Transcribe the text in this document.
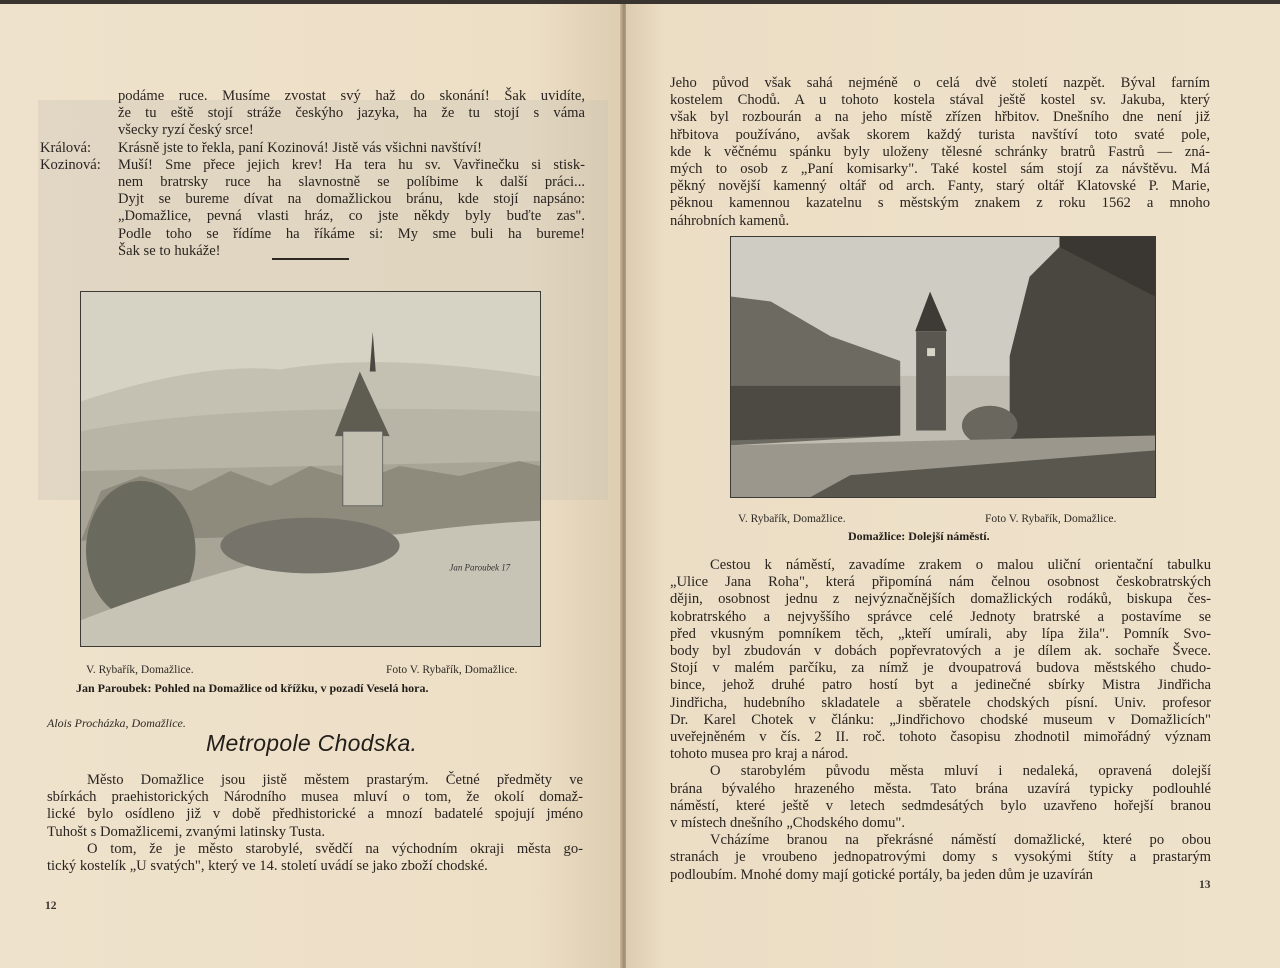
podáme ruce. Musíme zvostat svý haž do skonání! Šak uvidíte,

že tu eště stojí stráže českýho jazyka, ha že tu stojí s váma

všecky ryzí český srce!

Králová:	Krásně jste to řekla, paní Kozinová! Jistě vás všichni navštíví!

Kozinová:	Muší! Sme přece jejich krev! Ha tera hu sv. Vavřinečku si stisk-

nem bratrsky ruce ha slavnostně se políbime k další práci...

Dyjt se bureme dívat na domažlickou bránu, kde stojí napsáno:

„Domažlice, pevná vlasti hráz, co jste někdy byly buďte zas".

Podle toho se řídíme ha říkáme si: My sme buli ha bureme!

Šak se to hukáže!

Jan Paroubek 17
V. Rybařík, Domažlice.	Foto V. Rybařík, Domažlice.
Jan Paroubek: Pohled na Domažlice od křížku, v pozadí Veselá hora.
Alois Procházka, Domažlice.
Metropole Chodska.

Město Domažlice jsou jistě městem prastarým. Četné předměty ve

sbírkách praehistorických Národního musea mluví o tom, že okolí domaž-

lické bylo osídleno již v době předhistorické a mnozí badatelé spojují jméno

Tuhošt s Domažlicemi, zvanými latinsky Tusta.

O tom, že je město starobylé, svědčí na východním okraji města go-

tický kostelík „U svatých", který ve 14. století uvádí se jako zboží chodské.

12

Jeho původ však sahá nejméně o celá dvě století nazpět. Býval farním

kostelem Chodů. A u tohoto kostela stával ještě kostel sv. Jakuba, který

však byl rozbourán a na jeho místě zřízen hřbitov. Dnešního dne není již

hřbitova používáno, avšak skorem každý turista navštíví toto svaté pole,

kde k věčnému spánku byly uloženy tělesné schránky bratrů Fastrů — zná-

mých to osob z „Paní komisarky". Také kostel sám stojí za návštěvu. Má

pěkný novější kamenný oltář od arch. Fanty, starý oltář Klatovské P. Marie,

pěknou kamennou kazatelnu s městským znakem z roku 1562 a mnoho

náhrobních kamenů.

V. Rybařík, Domažlice.	Foto V. Rybařík, Domažlice.
Domažlice: Dolejší náměstí.

Cestou k náměstí, zavadíme zrakem o malou uliční orientační tabulku

„Ulice Jana Roha", která připomíná nám čelnou osobnost českobratrských

dějin, osobnost jednu z nejvýznačnějších domažlických rodáků, biskupa čes-

kobratrského a nejvyššího správce celé Jednoty bratrské a postavíme se

před vkusným pomníkem těch, „kteří umírali, aby lípa žila". Pomník Svo-

body byl zbudován v dobách popřevratových a je dílem ak. sochaře Švece.

Stojí v malém parčíku, za nímž je dvoupatrová budova městského chudo-

bince, jehož druhé patro hostí byt a jedinečné sbírky Mistra Jindřicha

Jindřicha, hudebního skladatele a sběratele chodských písní. Univ. profesor

Dr. Karel Chotek v článku: „Jindřichovo chodské museum v Domažlicích"

uveřejněném v čís. 2 II. roč. tohoto časopisu zhodnotil mimořádný význam

tohoto musea pro kraj a národ.

O starobylém původu města mluví i nedaleká, opravená dolejší

brána bývalého hrazeného města. Tato brána uzavírá typicky podlouhlé

náměstí, které ještě v letech sedmdesátých bylo uzavřeno hořejší branou

v místech dnešního „Chodského domu".

Vcházíme branou na překrásné náměstí domažlické, které po obou

stranách je vroubeno jednopatrovými domy s vysokými štíty a prastarým

podloubím. Mnohé domy mají gotické portály, ba jeden dům je uzavírán

13
